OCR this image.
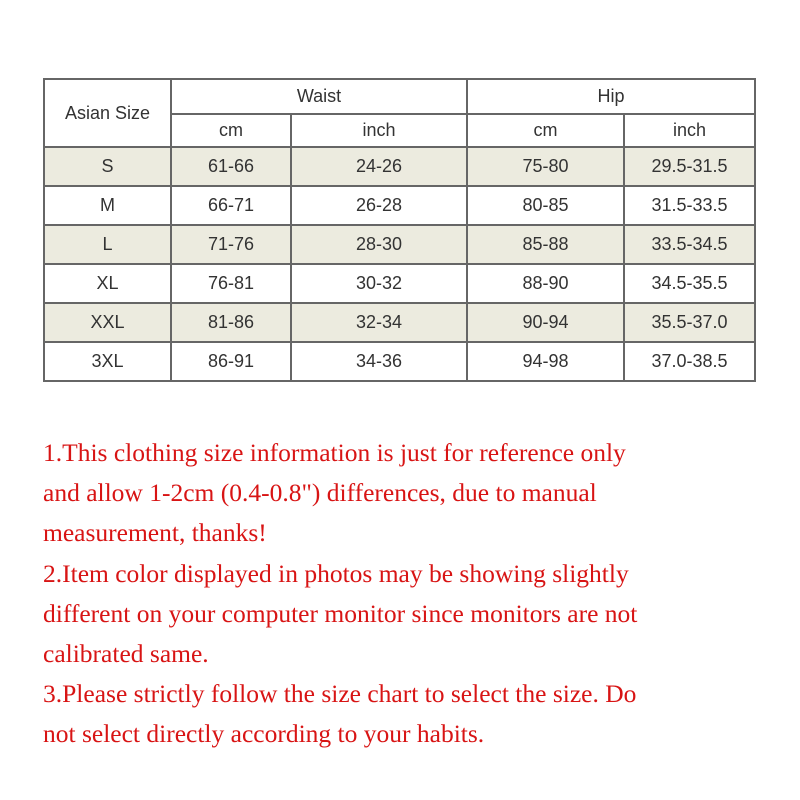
Asian Size	Waist		Hip	
	cm	inch	cm	inch
S	61-66	24-26	75-80	29.5-31.5
M	66-71	26-28	80-85	31.5-33.5
L	71-76	28-30	85-88	33.5-34.5
XL	76-81	30-32	88-90	34.5-35.5
XXL	81-86	32-34	90-94	35.5-37.0
3XL	86-91	34-36	94-98	37.0-38.5

1.This clothing size information is just for reference only

and allow 1-2cm (0.4-0.8") differences, due to manual

measurement, thanks!

2.Item color displayed in photos may be showing slightly

different on your computer monitor since monitors are not

calibrated same.

3.Please strictly follow the size chart to select the size. Do

not select directly according to your habits.
